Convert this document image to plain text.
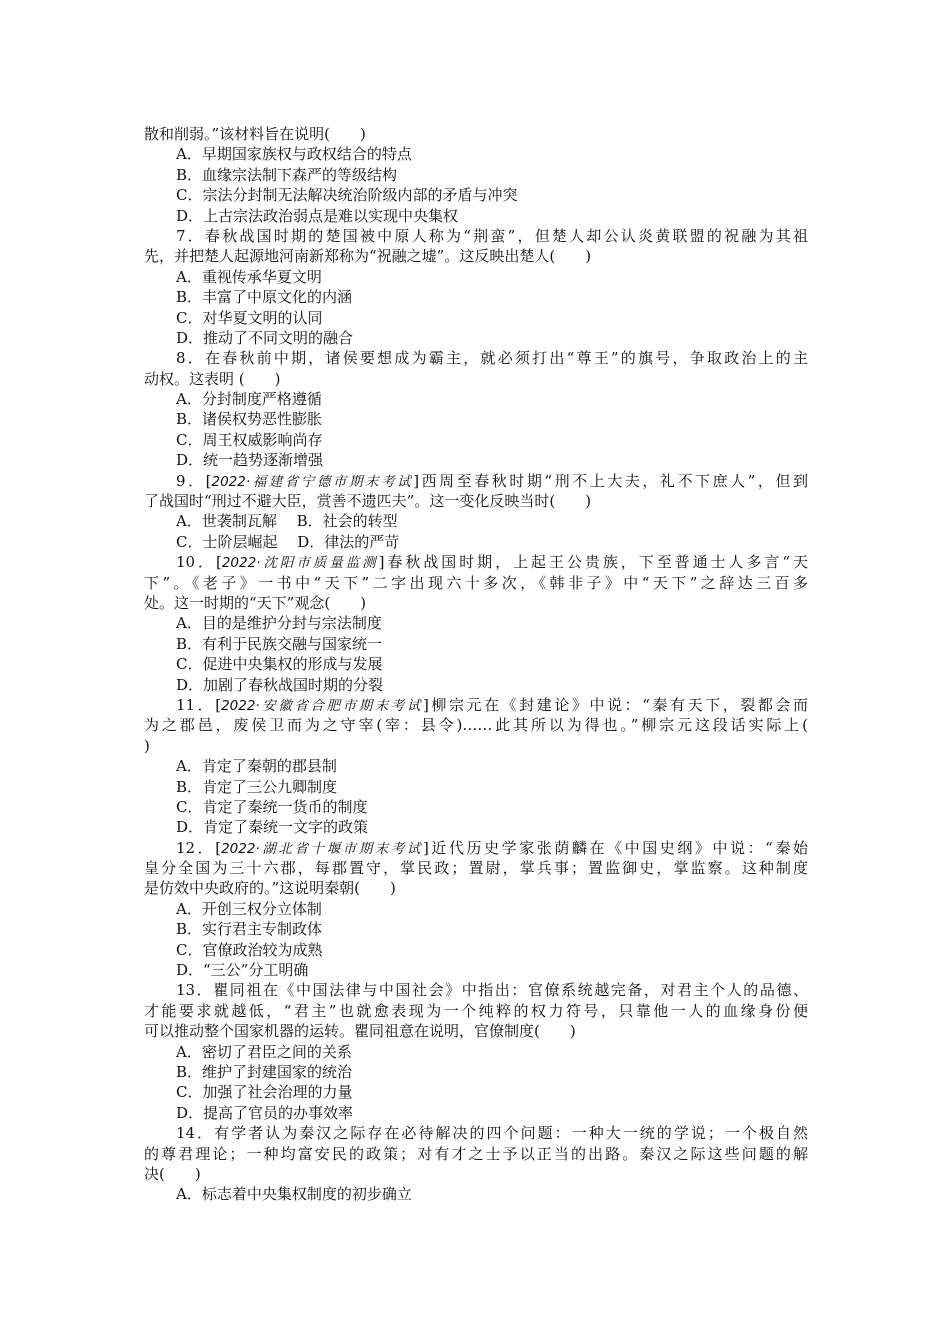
散和削弱。”该材料旨在说明(　　)
A．早期国家族权与政权结合的特点
B．血缘宗法制下森严的等级结构
C．宗法分封制无法解决统治阶级内部的矛盾与冲突
D．上古宗法政治弱点是难以实现中央集权
7．春秋战国时期的楚国被中原人称为“荆蛮”，但楚人却公认炎黄联盟的祝融为其祖
先，并把楚人起源地河南新郑称为“祝融之墟”。这反映出楚人(　　)
A．重视传承华夏文明
B．丰富了中原文化的内涵
C．对华夏文明的认同
D．推动了不同文明的融合
8．在春秋前中期，诸侯要想成为霸主，就必须打出“尊王”的旗号，争取政治上的主
动权。这表明 (　　)
A．分封制度严格遵循
B．诸侯权势恶性膨胀
C．周王权威影响尚存
D．统一趋势逐渐增强
9．[2022·福建省宁德市期末考试]西周至春秋时期“刑不上大夫，礼不下庶人”，但到
了战国时“刑过不避大臣，赏善不遗匹夫”。这一变化反映当时(　　)
A．世袭制瓦解　 B．社会的转型
C．士阶层崛起　 D．律法的严苛
10．[2022·沈阳市质量监测]春秋战国时期，上起王公贵族，下至普通士人多言“天
下”。《老子》一书中“天下”二字出现六十多次，《韩非子》中“天下”之辞达三百多
处。这一时期的“天下”观念(　　)
A．目的是维护分封与宗法制度
B．有利于民族交融与国家统一
C．促进中央集权的形成与发展
D．加剧了春秋战国时期的分裂
11．[2022·安徽省合肥市期末考试]柳宗元在《封建论》中说：“秦有天下，裂都会而
为之郡邑，废侯卫而为之守宰(宰：县令)……此其所以为得也。”柳宗元这段话实际上(
)
A．肯定了秦朝的郡县制
B．肯定了三公九卿制度
C．肯定了秦统一货币的制度
D．肯定了秦统一文字的政策
12．[2022·湖北省十堰市期末考试]近代历史学家张荫麟在《中国史纲》中说：“秦始
皇分全国为三十六郡，每郡置守，掌民政；置尉，掌兵事；置监御史，掌监察。这种制度
是仿效中央政府的。”这说明秦朝(　　)
A．开创三权分立体制
B．实行君主专制政体
C．官僚政治较为成熟
D．“三公”分工明确
13．瞿同祖在《中国法律与中国社会》中指出：官僚系统越完备，对君主个人的品德、
才能要求就越低，“君主”也就愈表现为一个纯粹的权力符号，只靠他一人的血缘身份便
可以推动整个国家机器的运转。瞿同祖意在说明，官僚制度(　　)
A．密切了君臣之间的关系
B．维护了封建国家的统治
C．加强了社会治理的力量
D．提高了官员的办事效率
14．有学者认为秦汉之际存在必待解决的四个问题：一种大一统的学说；一个极自然
的尊君理论；一种均富安民的政策；对有才之士予以正当的出路。秦汉之际这些问题的解
决(　　)
A．标志着中央集权制度的初步确立
